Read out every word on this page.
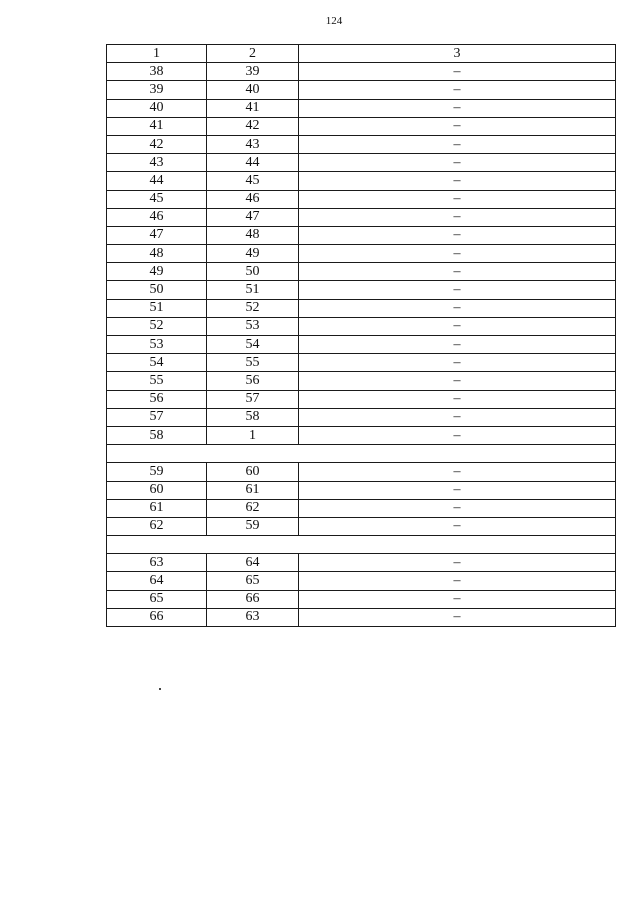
124
1	2	3
38	39	–
39	40	–
40	41	–
41	42	–
42	43	–
43	44	–
44	45	–
45	46	–
46	47	–
47	48	–
48	49	–
49	50	–
50	51	–
51	52	–
52	53	–
53	54	–
54	55	–
55	56	–
56	57	–
57	58	–
58	1	–

59	60	–
60	61	–
61	62	–
62	59	–

63	64	–
64	65	–
65	66	–
66	63	–
